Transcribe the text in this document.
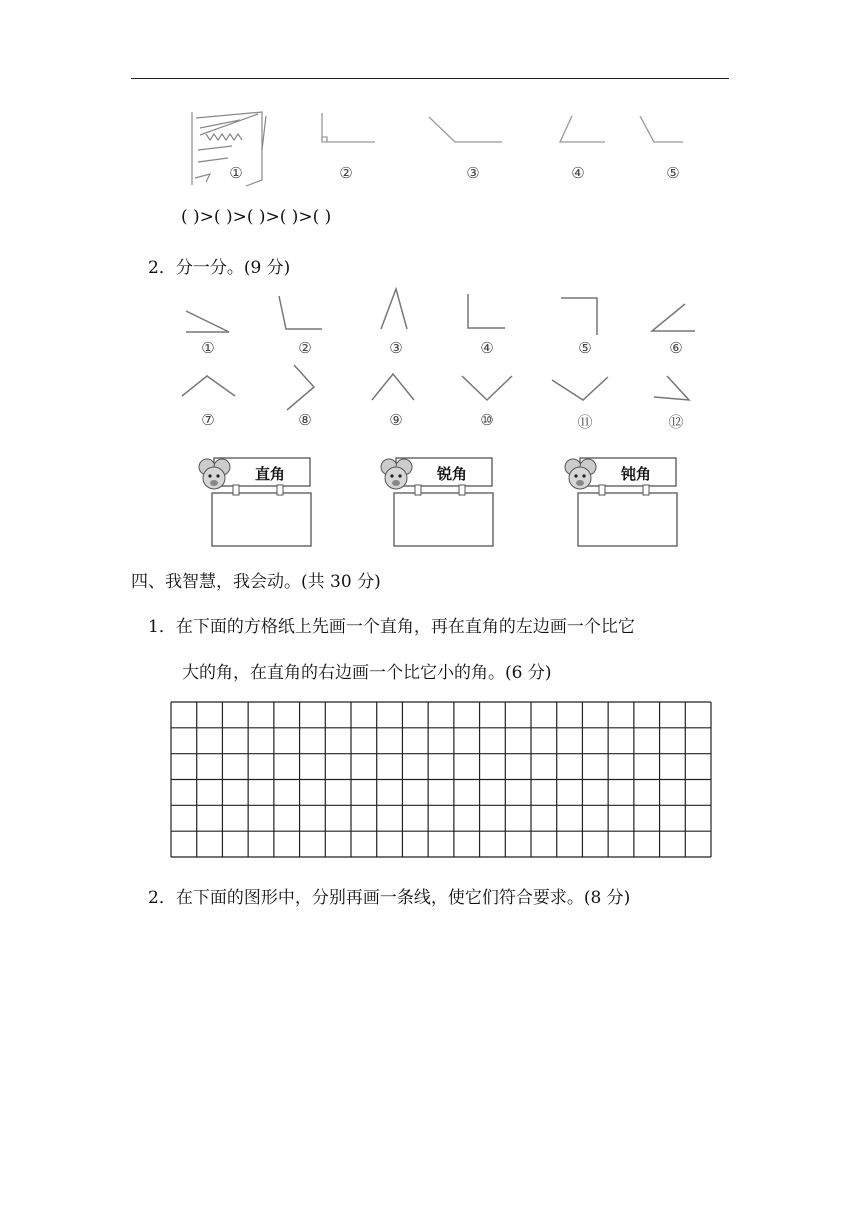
①	②	③	④	⑤
( )>( )>( )>( )>( )
2．分一分。(9 分)
①	②	③	④	⑤	⑥
⑦	⑧	⑨	⑩	⑪	⑫
直角	锐角	钝角
四、我智慧，我会动。(共 30 分)
1．在下面的方格纸上先画一个直角，再在直角的左边画一个比它
大的角，在直角的右边画一个比它小的角。(6 分)
2．在下面的图形中，分别再画一条线，使它们符合要求。(8 分)
